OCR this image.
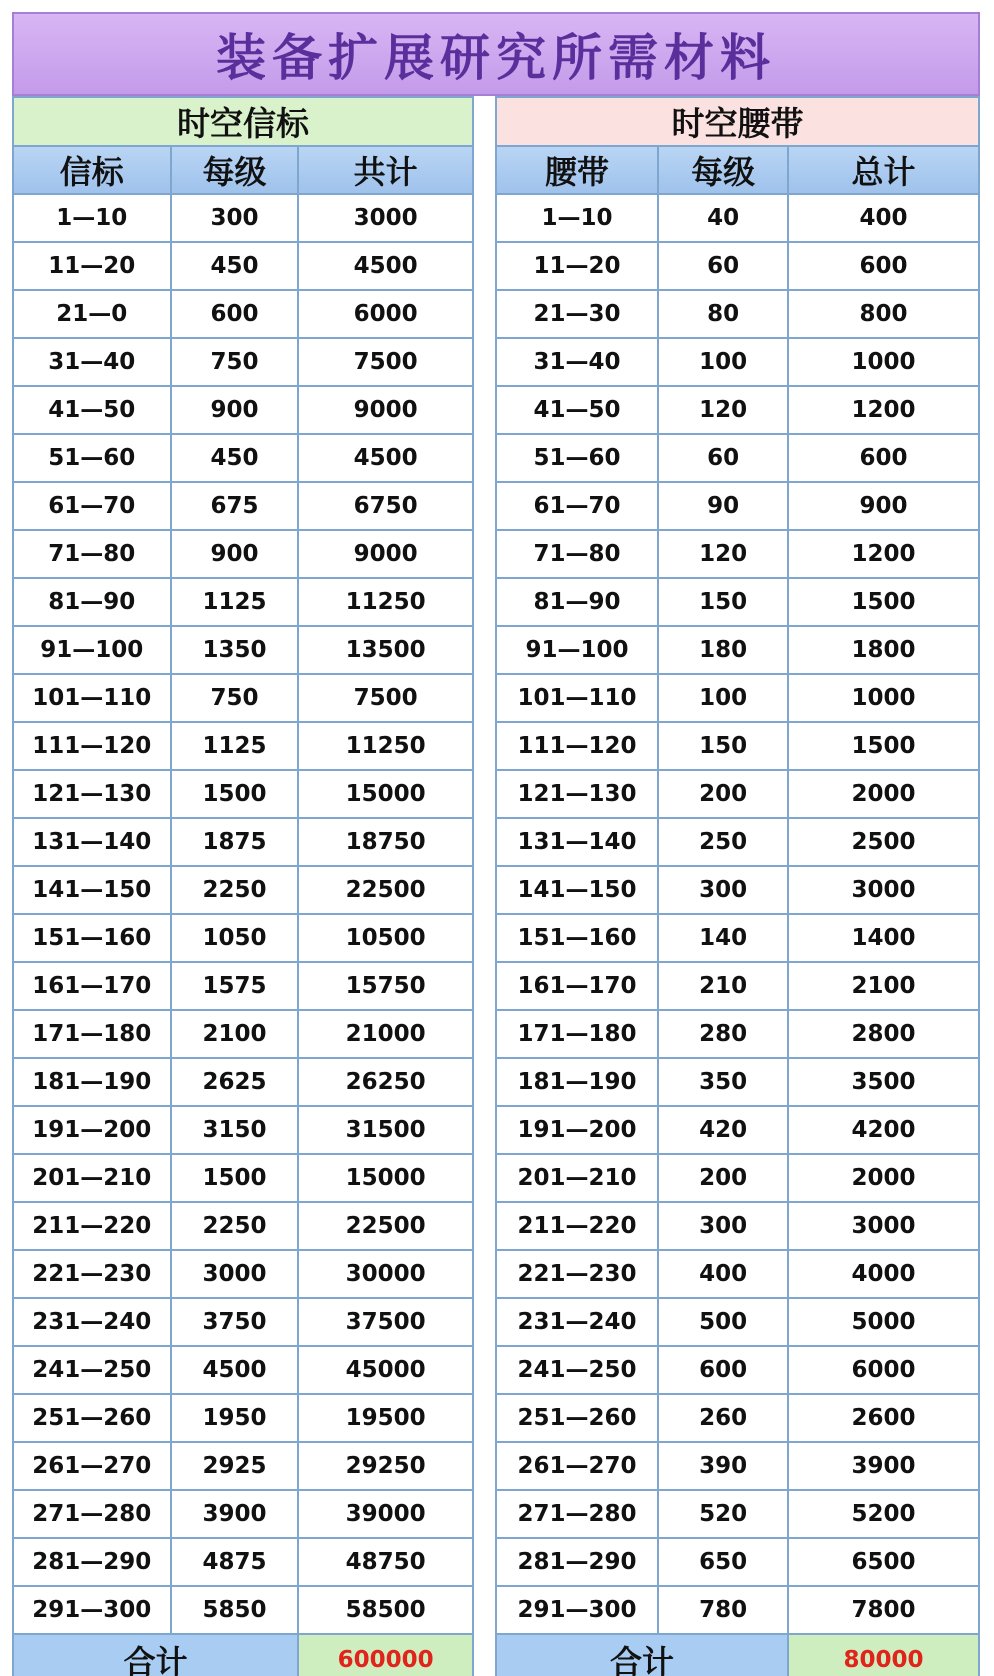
装备扩展研究所需材料
时空信标		
信标	每级	共计
1—10	300	3000
11—20	450	4500
21—0	600	6000
31—40	750	7500
41—50	900	9000
51—60	450	4500
61—70	675	6750
71—80	900	9000
81—90	1125	11250
91—100	1350	13500
101—110	750	7500
111—120	1125	11250
121—130	1500	15000
131—140	1875	18750
141—150	2250	22500
151—160	1050	10500
161—170	1575	15750
171—180	2100	21000
181—190	2625	26250
191—200	3150	31500
201—210	1500	15000
211—220	2250	22500
221—230	3000	30000
231—240	3750	37500
241—250	4500	45000
251—260	1950	19500
261—270	2925	29250
271—280	3900	39000
281—290	4875	48750
291—300	5850	58500
合计		600000
时空腰带		
腰带	每级	总计
1—10	40	400
11—20	60	600
21—30	80	800
31—40	100	1000
41—50	120	1200
51—60	60	600
61—70	90	900
71—80	120	1200
81—90	150	1500
91—100	180	1800
101—110	100	1000
111—120	150	1500
121—130	200	2000
131—140	250	2500
141—150	300	3000
151—160	140	1400
161—170	210	2100
171—180	280	2800
181—190	350	3500
191—200	420	4200
201—210	200	2000
211—220	300	3000
221—230	400	4000
231—240	500	5000
241—250	600	6000
251—260	260	2600
261—270	390	3900
271—280	520	5200
281—290	650	6500
291—300	780	7800
合计		80000
